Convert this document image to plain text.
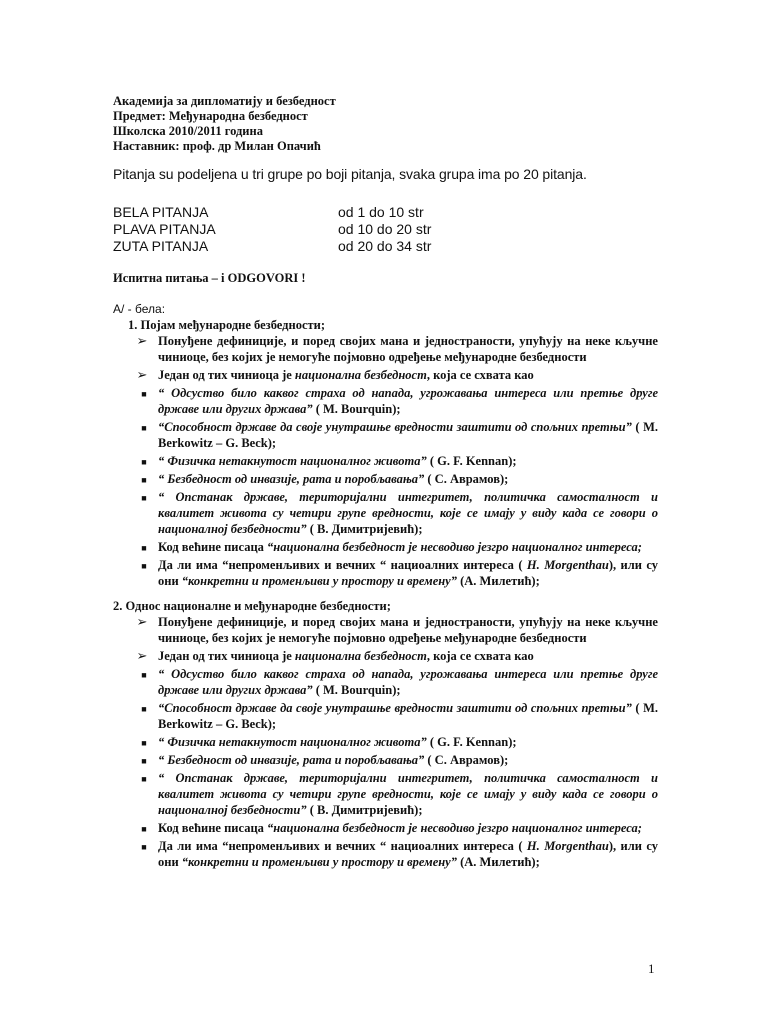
Академија за дипломатију и безбедност
Предмет: Међународна безбедност
Школска 2010/2011 година
Наставник: проф. др Милан Опачић
Pitanja su podeljena u tri grupe po boji pitanja, svaka grupa ima po 20 pitanja.
BELA PITANJA	od 1 do 10 str
PLAVA PITANJA	od 10 do 20 str
ZUTA PITANJA	od 20 do 34 str
Испитна питања – i ODGOVORI !
A/ - бела:
1. Појам међународне безбедности;
➢ Понуђене дефиниције, и поред својих мана и једностраности, упућују на неке кључне чиниоце, без којих је немогуће појмовно одређење међународне безбедности
➢ Један од тих чиниоца је национална безбедност, која се схвата као
■ “ Одсуство било каквог страха од напада, угрожавања интереса или претње друге државе или других држава” ( M. Bourquin);
■ “Способност државе да своје унутрашње вредности заштити од спољних претњи” ( M. Berkowitz – G. Beck);
■ “ Физичка нетакнутост националног живота” ( G. F. Kennan);
■ “ Безбедност од инвазије, рата и поробљавања” ( С. Аврамов);
■ “ Опстанак државе, територијални интегритет, политичка самосталност и квалитет живота су четири групе вредности, које се имају у виду када се говори о националној безбедности” ( В. Димитријевић);
■ Код већине писаца “национална безбедност је несводиво језгро националног интереса;
■ Да ли има “непроменљивих и вечних “ нациоалних интереса ( H. Morgenthau), или су они “конкретни и променљиви у простору и времену” (А. Милетић);
2. Однос националне и међународне безбедности;
➢ Понуђене дефиниције, и поред својих мана и једностраности, упућују на неке кључне чиниоце, без којих је немогуће појмовно одређење међународне безбедности
➢ Један од тих чиниоца је национална безбедност, која се схвата као
■ “ Одсуство било каквог страха од напада, угрожавања интереса или претње друге државе или других држава” ( M. Bourquin);
■ “Способност државе да своје унутрашње вредности заштити од спољних претњи” ( M. Berkowitz – G. Beck);
■ “ Физичка нетакнутост националног живота” ( G. F. Kennan);
■ “ Безбедност од инвазије, рата и поробљавања” ( С. Аврамов);
■ “ Опстанак државе, територијални интегритет, политичка самосталност и квалитет живота су четири групе вредности, које се имају у виду када се говори о националној безбедности” ( В. Димитријевић);
■ Код већине писаца “национална безбедност је несводиво језгро националног интереса;
■ Да ли има “непроменљивих и вечних “ нациоалних интереса ( H. Morgenthau), или су они “конкретни и променљиви у простору и времену” (А. Милетић);
1
